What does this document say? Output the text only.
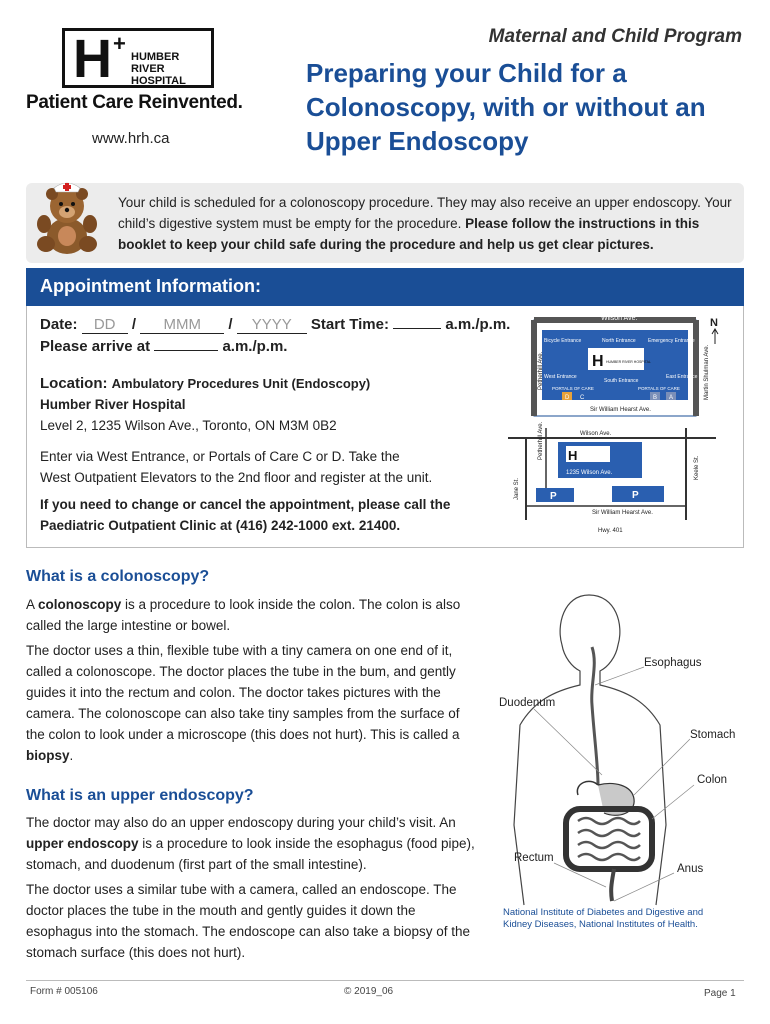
Maternal and Child Program
H +
HUMBER RIVER
HOSPITAL
Patient Care Reinvented.
www.hrh.ca
Preparing your Child for a
Colonoscopy, with or without an
Upper Endoscopy
Your child is scheduled for a colonoscopy procedure. They may also receive an upper endoscopy. Your child’s digestive system must be empty for the procedure. Please follow the instructions in this booklet to keep your child safe during the procedure and help us get clear pictures.
Appointment Information:
Date: DD / MMM / YYYY Start Time:	a.m./p.m.
Please arrive at	a.m./p.m.
Location: Ambulatory Procedures Unit (Endoscopy)
Humber River Hospital
Level 2, 1235 Wilson Ave., Toronto, ON M3M 0B2
Enter via West Entrance, or Portals of Care C or D. Take the
West Outpatient Elevators to the 2nd floor and register at the unit.
If you need to change or cancel the appointment, please call the
Paediatric Outpatient Clinic at (416) 242-1000 ext. 21400.
Wilson Ave.
Bicycle Entrance	North Entrance Emergency Entrance
H HUMBER RIVER HOSPITAL
West Entrance
South Entrance
East Entrance
PORTALS OF CARE	PORTALS OF CARE
D C	B A
Sir William Hearst Ave.
Petherhill Ave.	Martin Shulman Ave.
N
Wilson Ave.
H
1235 Wilson Ave.
P	P
Sir William Hearst Ave.
Hwy. 401
Jane St.
Petherhill Ave.
Keele St.
What is a colonoscopy?
A colonoscopy is a procedure to look inside the colon. The colon is also called the large intestine or bowel.
The doctor uses a thin, flexible tube with a tiny camera on one end of it, called a colonoscope. The doctor places the tube in the bum, and gently guides it into the rectum and colon. The doctor takes pictures with the camera. The colonoscope can also take tiny samples from the surface of the colon to look under a microscope (this does not hurt). This is called a biopsy.
What is an upper endoscopy?
The doctor may also do an upper endoscopy during your child’s visit. An upper endoscopy is a procedure to look inside the esophagus (food pipe), stomach, and duodenum (first part of the small intestine).
The doctor uses a similar tube with a camera, called an endoscope. The doctor places the tube in the mouth and gently guides it down the esophagus into the stomach. The endoscope can also take a biopsy of the stomach surface (this does not hurt).
Esophagus
Duodenum
Stomach
Colon
Rectum
Anus
National Institute of Diabetes and Digestive and Kidney Diseases, National Institutes of Health.
Form # 005106	© 2019_06	Page 1
